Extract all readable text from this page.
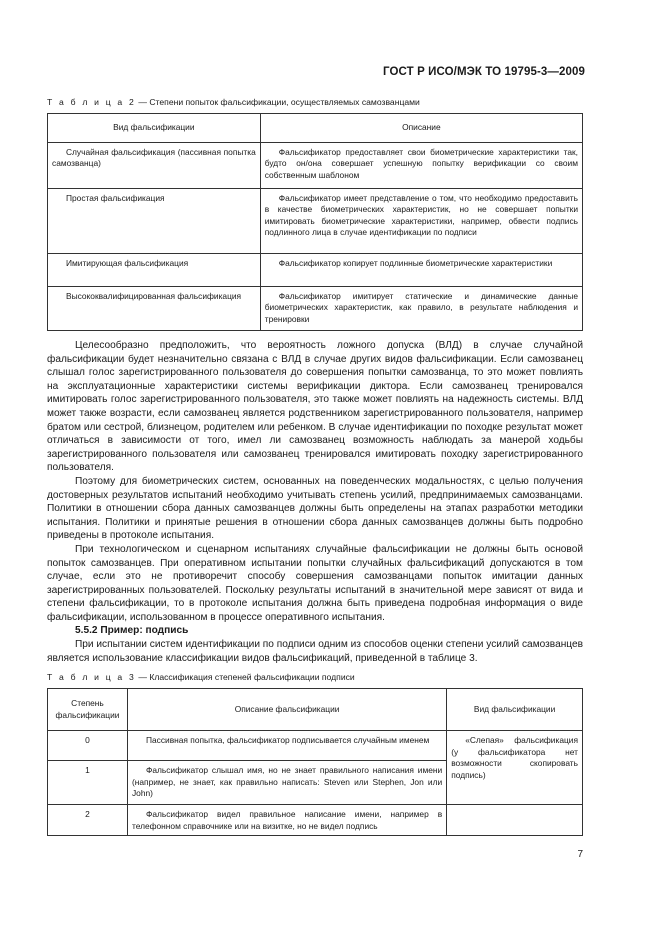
ГОСТ Р ИСО/МЭК ТО 19795-3—2009
Т а б л и ц а 2 — Степени попыток фальсификации, осуществляемых самозванцами
Вид фальсификации	Описание
Случайная фальсификация (пассивная попытка самозванца)	Фальсификатор предоставляет свои биометрические характеристики так, будто он/она совершает успешную попытку верификации со своим собственным шаблоном
Простая фальсификация	Фальсификатор имеет представление о том, что необходимо предоставить в качестве биометрических характеристик, но не совершает попытки имитировать биометрические характеристики, например, обвести подпись подлинного лица в случае идентификации по подписи
Имитирующая фальсификация	Фальсификатор копирует подлинные биометрические характеристики
Высококвалифицированная фальсификация	Фальсификатор имитирует статические и динамические данные биометрических характеристик, как правило, в результате наблюдения и тренировки

Целесообразно предположить, что вероятность ложного допуска (ВЛД) в случае случайной фальсификации будет незначительно связана с ВЛД в случае других видов фальсификации. Если самозванец слышал голос зарегистрированного пользователя до совершения попытки самозванца, то это может повлиять на эксплуатационные характеристики системы верификации диктора. Если самозванец тренировался имитировать голос зарегистрированного пользователя, это также может повлиять на надежность системы. ВЛД может также возрасти, если самозванец является родственником зарегистрированного пользователя, например братом или сестрой, близнецом, родителем или ребенком. В случае идентификации по походке результат может отличаться в зависимости от того, имел ли самозванец возможность наблюдать за манерой ходьбы зарегистрированного пользователя или самозванец тренировался имитировать походку зарегистрированного пользователя.

Поэтому для биометрических систем, основанных на поведенческих модальностях, с целью получения достоверных результатов испытаний необходимо учитывать степень усилий, предпринимаемых самозванцами. Политики в отношении сбора данных самозванцев должны быть определены на этапах разработки методики испытания. Политики и принятые решения в отношении сбора данных самозванцев должны быть подробно приведены в протоколе испытания.

При технологическом и сценарном испытаниях случайные фальсификации не должны быть основой попыток самозванцев. При оперативном испытании попытки случайных фальсификаций допускаются в том случае, если это не противоречит способу совершения самозванцами попыток имитации данных зарегистрированных пользователей. Поскольку результаты испытаний в значительной мере зависят от вида и степени фальсификации, то в протоколе испытания должна быть приведена подробная информация о виде фальсификации, использованном в процессе оперативного испытания.

5.5.2 Пример: подпись

При испытании систем идентификации по подписи одним из способов оценки степени усилий самозванцев является использование классификации видов фальсификаций, приведенной в таблице 3.

Т а б л и ц а 3 — Классификация степеней фальсификации подписи
Степень фальсификации	Описание фальсификации	Вид фальсификации
0	Пассивная попытка, фальсификатор подписывается случайным именем	«Слепая» фальсификация (у фальсификатора нет возможности скопировать подпись)
1	Фальсификатор слышал имя, но не знает правильного написания имени (например, не знает, как правильно написать: Steven или Stephen, Jon или John)	
2	Фальсификатор видел правильное написание имени, например в телефонном справочнике или на визитке, но не видел подпись	
7
